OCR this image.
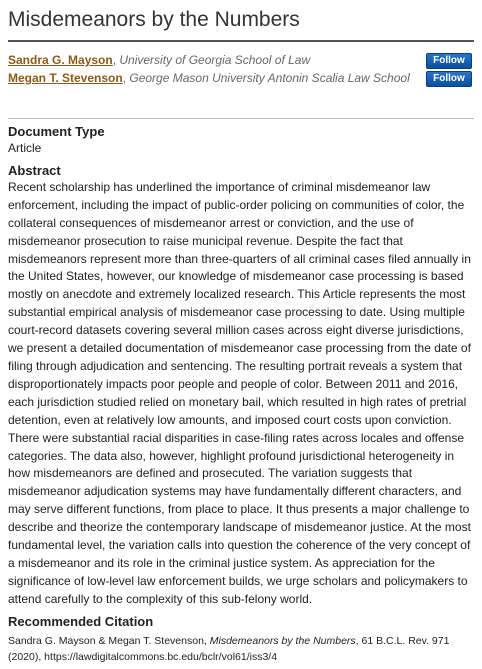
Misdemeanors by the Numbers
Sandra G. Mayson, University of Georgia School of Law
Megan T. Stevenson, George Mason University Antonin Scalia Law School
Follow
Follow
Document Type

Article

Abstract

Recent scholarship has underlined the importance of criminal misdemeanor law enforcement, including the impact of public-order policing on communities of color, the collateral consequences of misdemeanor arrest or conviction, and the use of misdemeanor prosecution to raise municipal revenue. Despite the fact that misdemeanors represent more than three-quarters of all criminal cases filed annually in the United States, however, our knowledge of misdemeanor case processing is based mostly on anecdote and extremely localized research. This Article represents the most substantial empirical analysis of misdemeanor case processing to date. Using multiple court-record datasets covering several million cases across eight diverse jurisdictions, we present a detailed documentation of misdemeanor case processing from the date of filing through adjudication and sentencing. The resulting portrait reveals a system that disproportionately impacts poor people and people of color. Between 2011 and 2016, each jurisdiction studied relied on monetary bail, which resulted in high rates of pretrial detention, even at relatively low amounts, and imposed court costs upon conviction. There were substantial racial disparities in case-filing rates across locales and offense categories. The data also, however, highlight profound jurisdictional heterogeneity in how misdemeanors are defined and prosecuted. The variation suggests that misdemeanor adjudication systems may have fundamentally different characters, and may serve different functions, from place to place. It thus presents a major challenge to describe and theorize the contemporary landscape of misdemeanor justice. At the most fundamental level, the variation calls into question the coherence of the very concept of a misdemeanor and its role in the criminal justice system. As appreciation for the significance of low-level law enforcement builds, we urge scholars and policymakers to attend carefully to the complexity of this sub-felony world.

Recommended Citation

Sandra G. Mayson & Megan T. Stevenson, Misdemeanors by the Numbers, 61 B.C.L. Rev. 971 (2020), https://lawdigitalcommons.bc.edu/bclr/vol61/iss3/4
